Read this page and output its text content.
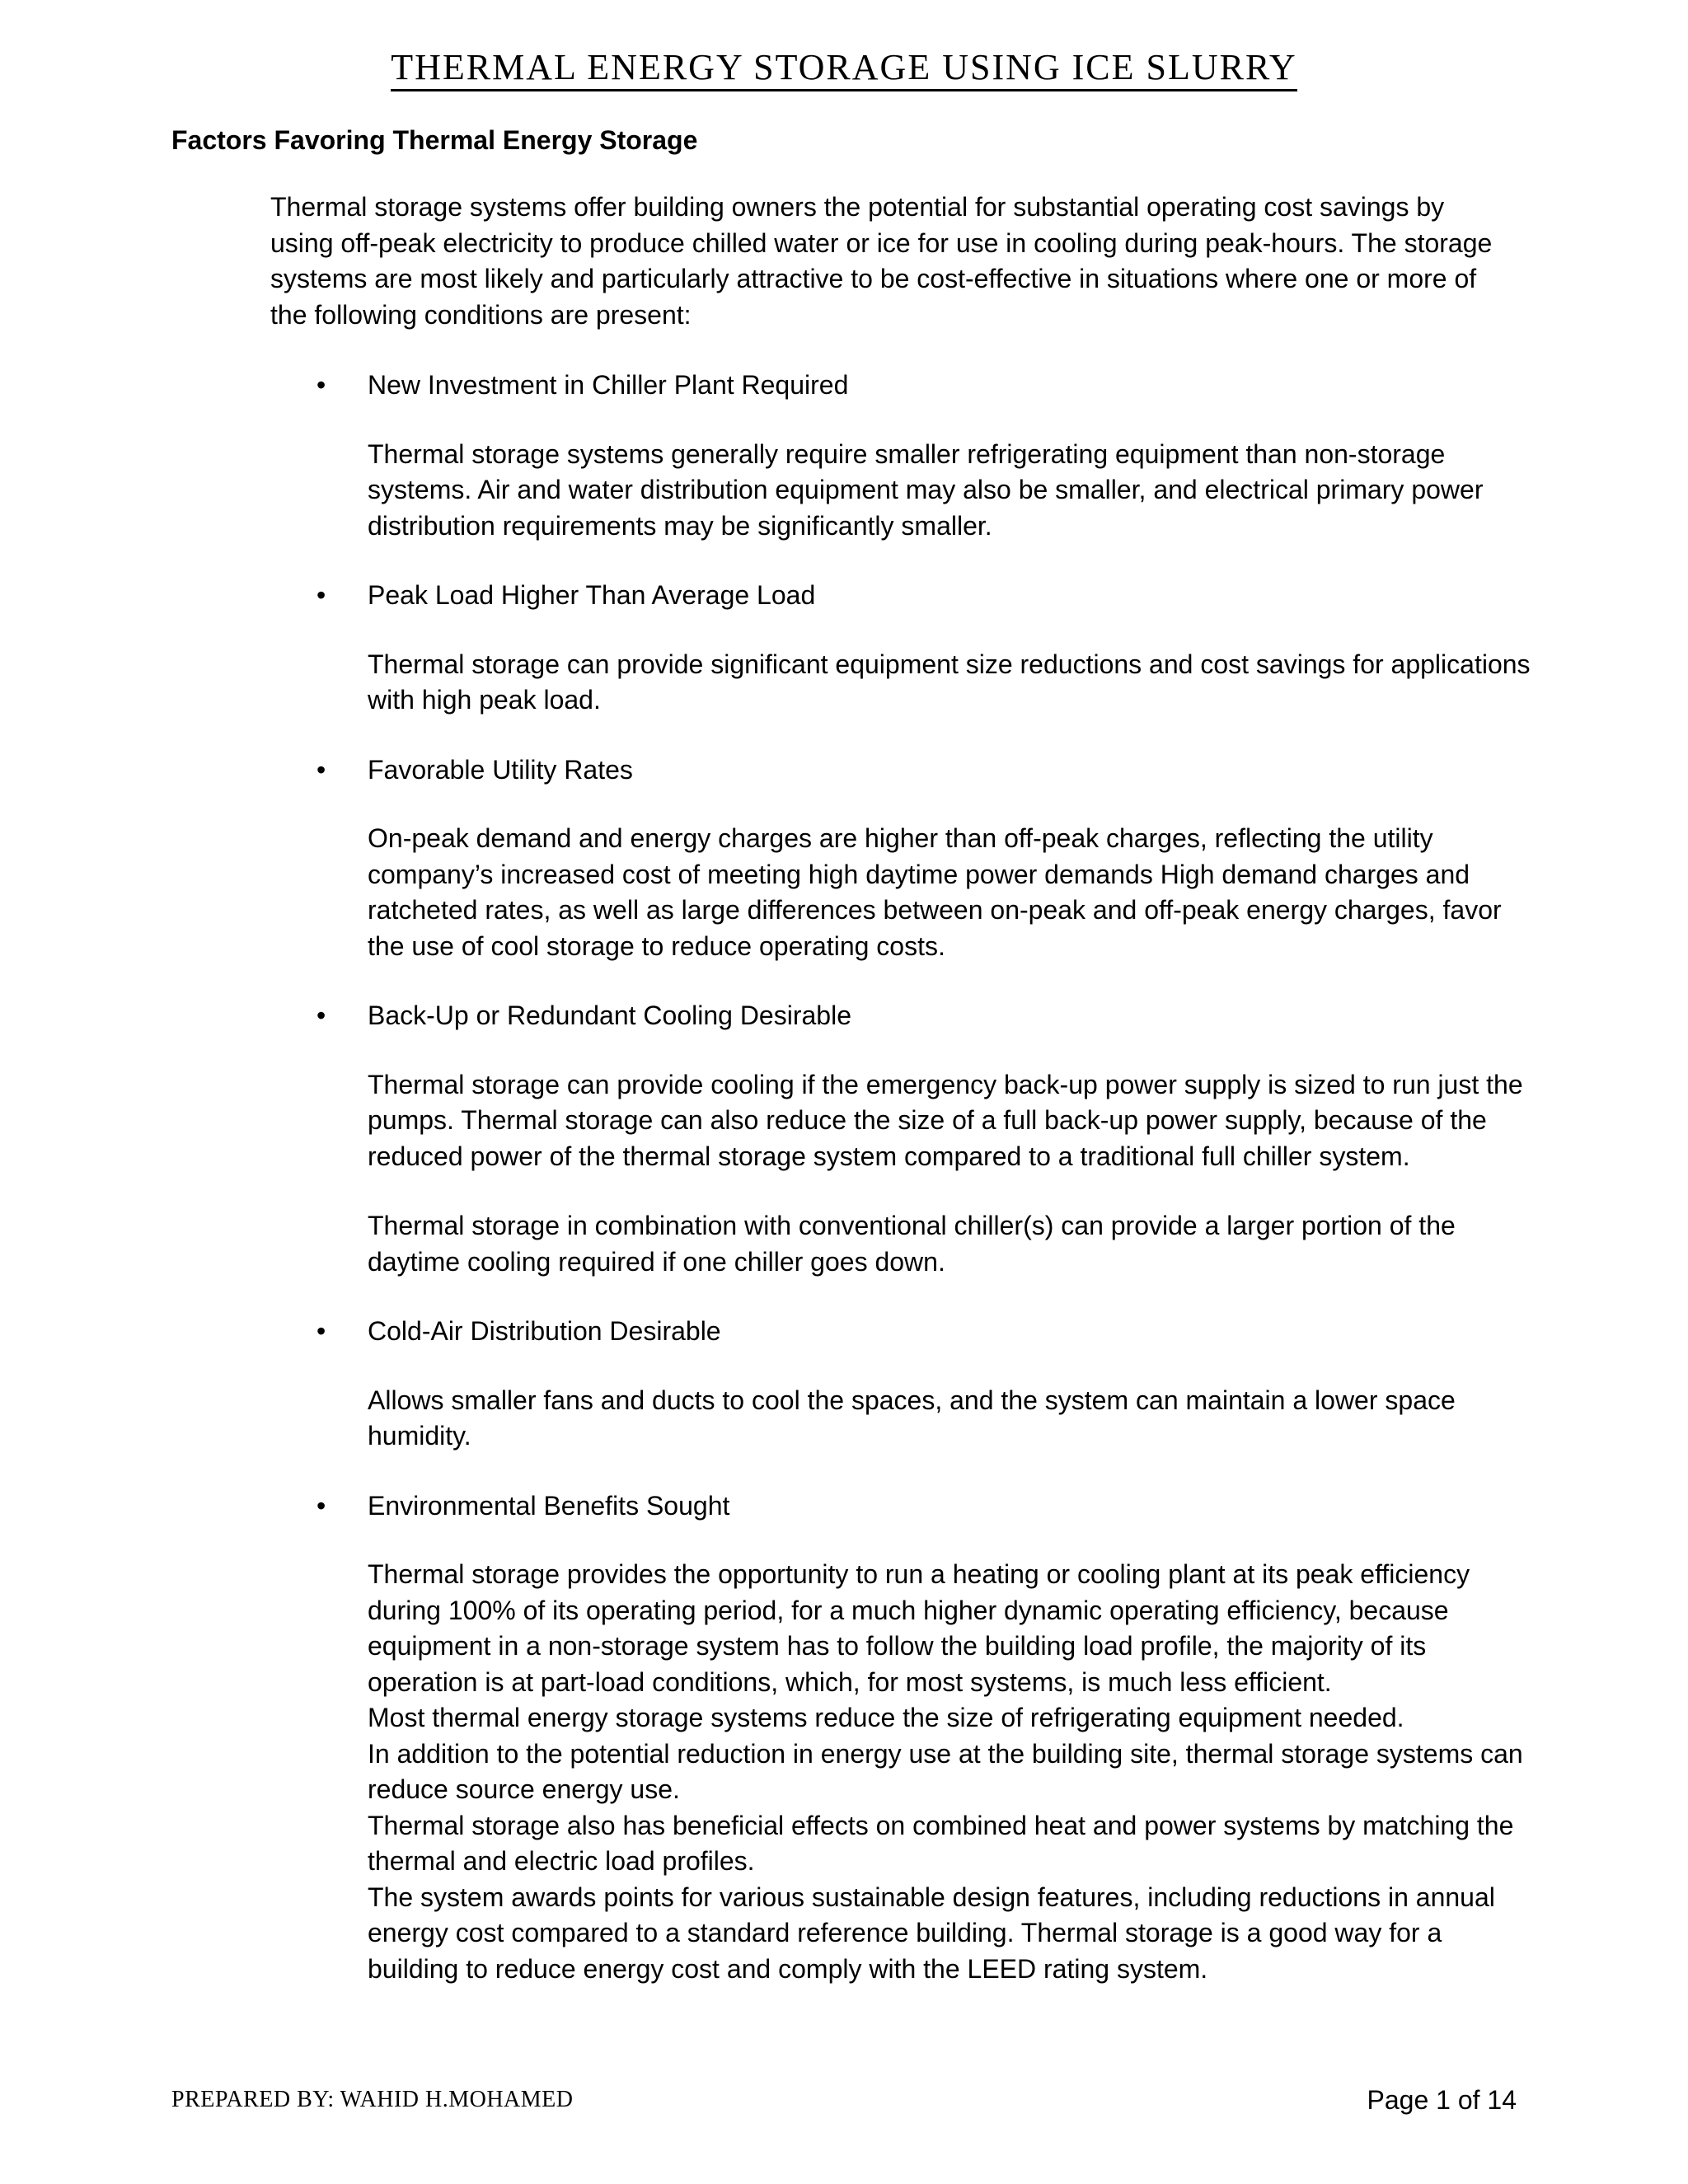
THERMAL ENERGY STORAGE USING ICE SLURRY
Factors Favoring Thermal Energy Storage

Thermal storage systems offer building owners the potential for substantial operating cost savings by using off-peak electricity to produce chilled water or ice for use in cooling during peak-hours. The storage systems are most likely and particularly attractive to be cost-effective in situations where one or more of the following conditions are present:

• New Investment in Chiller Plant Required

Thermal storage systems generally require smaller refrigerating equipment than non-storage systems. Air and water distribution equipment may also be smaller, and electrical primary power distribution requirements may be significantly smaller.

• Peak Load Higher Than Average Load

Thermal storage can provide significant equipment size reductions and cost savings for applications with high peak load.

• Favorable Utility Rates

On-peak demand and energy charges are higher than off-peak charges, reflecting the utility company’s increased cost of meeting high daytime power demands High demand charges and ratcheted rates, as well as large differences between on-peak and off-peak energy charges, favor the use of cool storage to reduce operating costs.

• Back-Up or Redundant Cooling Desirable

Thermal storage can provide cooling if the emergency back-up power supply is sized to run just the pumps. Thermal storage can also reduce the size of a full back-up power supply, because of the reduced power of the thermal storage system compared to a traditional full chiller system.

Thermal storage in combination with conventional chiller(s) can provide a larger portion of the daytime cooling required if one chiller goes down.

• Cold-Air Distribution Desirable

Allows smaller fans and ducts to cool the spaces, and the system can maintain a lower space humidity.

• Environmental Benefits Sought

Thermal storage provides the opportunity to run a heating or cooling plant at its peak efficiency during 100% of its operating period, for a much higher dynamic operating efficiency, because equipment in a non-storage system has to follow the building load profile, the majority of its operation is at part-load conditions, which, for most systems, is much less efficient.

Most thermal energy storage systems reduce the size of refrigerating equipment needed.

In addition to the potential reduction in energy use at the building site, thermal storage systems can reduce source energy use.

Thermal storage also has beneficial effects on combined heat and power systems by matching the thermal and electric load profiles.

The system awards points for various sustainable design features, including reductions in annual energy cost compared to a standard reference building. Thermal storage is a good way for a building to reduce energy cost and comply with the LEED rating system.

PREPARED BY: WAHID H.MOHAMED	Page 1 of 14
